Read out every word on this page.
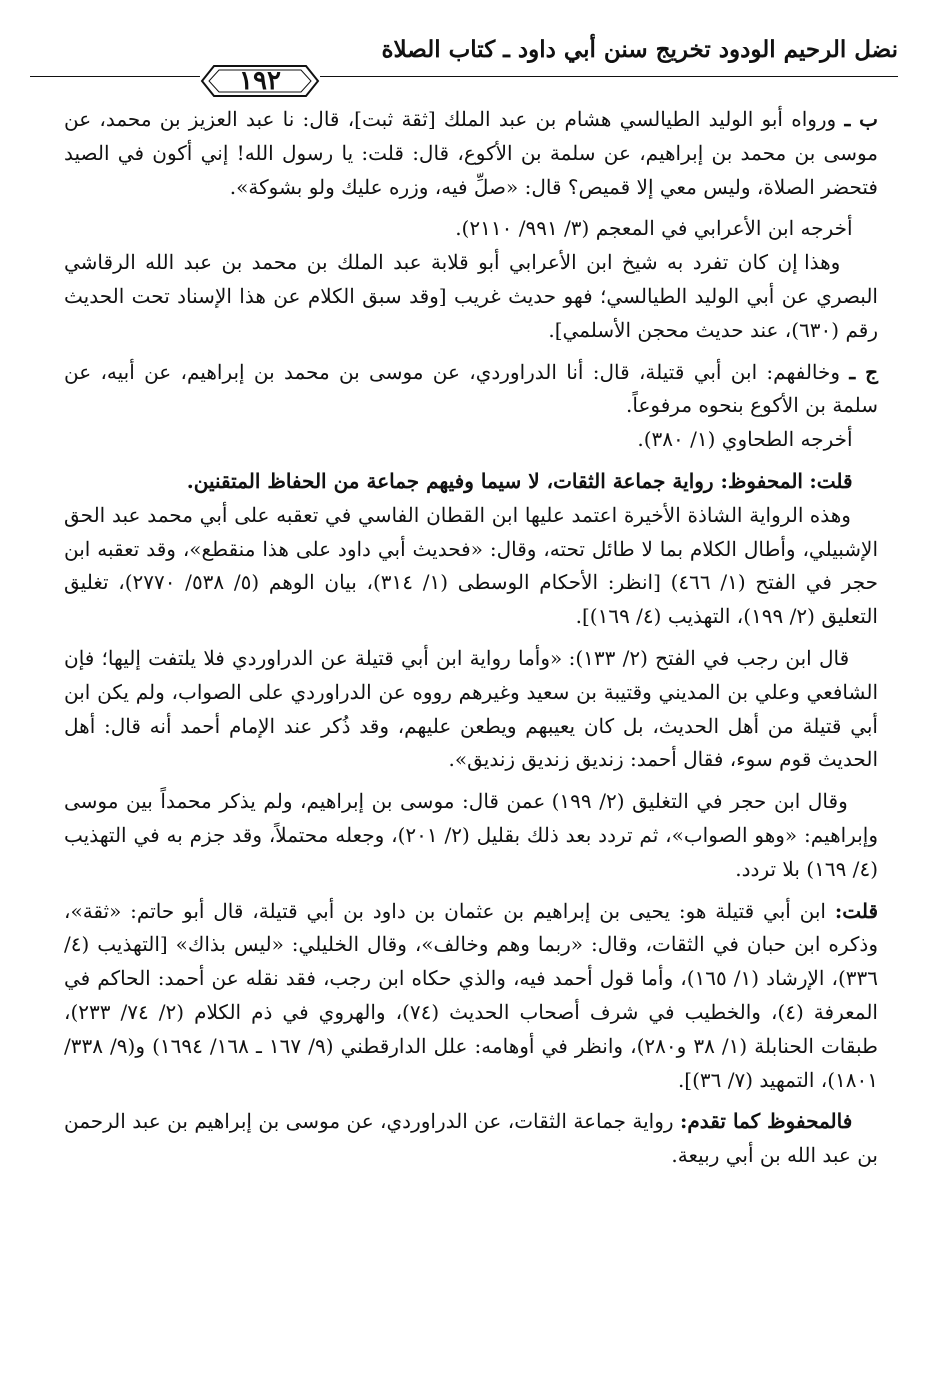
نضل الرحيم الودود تخريج سنن أبي داود ـ كتاب الصلاة
١٩٢

ب ـ ورواه أبو الوليد الطيالسي هشام بن عبد الملك [ثقة ثبت]، قال: نا عبد العزيز بن محمد، عن موسى بن محمد بن إبراهيم، عن سلمة بن الأكوع، قال: قلت: يا رسول الله! إني أكون في الصيد فتحضر الصلاة، وليس معي إلا قميص؟ قال: «صلِّ فيه، وزره عليك ولو بشوكة».

أخرجه ابن الأعرابي في المعجم (٣/ ٩٩١/ ٢١١٠).

وهذا إن كان تفرد به شيخ ابن الأعرابي أبو قلابة عبد الملك بن محمد بن عبد الله الرقاشي البصري عن أبي الوليد الطيالسي؛ فهو حديث غريب [وقد سبق الكلام عن هذا الإسناد تحت الحديث رقم (٦٣٠)، عند حديث محجن الأسلمي].

ج ـ وخالفهم: ابن أبي قتيلة، قال: أنا الدراوردي، عن موسى بن محمد بن إبراهيم، عن أبيه، عن سلمة بن الأكوع بنحوه مرفوعاً.

أخرجه الطحاوي (١/ ٣٨٠).

قلت: المحفوظ: رواية جماعة الثقات، لا سيما وفيهم جماعة من الحفاظ المتقنين.

وهذه الرواية الشاذة الأخيرة اعتمد عليها ابن القطان الفاسي في تعقبه على أبي محمد عبد الحق الإشبيلي، وأطال الكلام بما لا طائل تحته، وقال: «فحديث أبي داود على هذا منقطع»، وقد تعقبه ابن حجر في الفتح (١/ ٤٦٦) [انظر: الأحكام الوسطى (١/ ٣١٤)، بيان الوهم (٥/ ٥٣٨/ ٢٧٧٠)، تغليق التعليق (٢/ ١٩٩)، التهذيب (٤/ ١٦٩)].

قال ابن رجب في الفتح (٢/ ١٣٣): «وأما رواية ابن أبي قتيلة عن الدراوردي فلا يلتفت إليها؛ فإن الشافعي وعلي بن المديني وقتيبة بن سعيد وغيرهم رووه عن الدراوردي على الصواب، ولم يكن ابن أبي قتيلة من أهل الحديث، بل كان يعيبهم ويطعن عليهم، وقد ذُكر عند الإمام أحمد أنه قال: أهل الحديث قوم سوء، فقال أحمد: زنديق زنديق زنديق».

وقال ابن حجر في التغليق (٢/ ١٩٩) عمن قال: موسى بن إبراهيم، ولم يذكر محمداً بين موسى وإبراهيم: «وهو الصواب»، ثم تردد بعد ذلك بقليل (٢/ ٢٠١)، وجعله محتملاً، وقد جزم به في التهذيب (٤/ ١٦٩) بلا تردد.

قلت: ابن أبي قتيلة هو: يحيى بن إبراهيم بن عثمان بن داود بن أبي قتيلة، قال أبو حاتم: «ثقة»، وذكره ابن حبان في الثقات، وقال: «ربما وهم وخالف»، وقال الخليلي: «ليس بذاك» [التهذيب (٤/ ٣٣٦)، الإرشاد (١/ ١٦٥)، وأما قول أحمد فيه، والذي حكاه ابن رجب، فقد نقله عن أحمد: الحاكم في المعرفة (٤)، والخطيب في شرف أصحاب الحديث (٧٤)، والهروي في ذم الكلام (٢/ ٧٤/ ٢٣٣)، طبقات الحنابلة (١/ ٣٨ و٢٨٠)، وانظر في أوهامه: علل الدارقطني (٩/ ١٦٧ ـ ١٦٨/ ١٦٩٤) و(٩/ ٣٣٨/ ١٨٠١)، التمهيد (٧/ ٣٦)].

فالمحفوظ كما تقدم: رواية جماعة الثقات، عن الدراوردي، عن موسى بن إبراهيم بن عبد الرحمن بن عبد الله بن أبي ربيعة.
